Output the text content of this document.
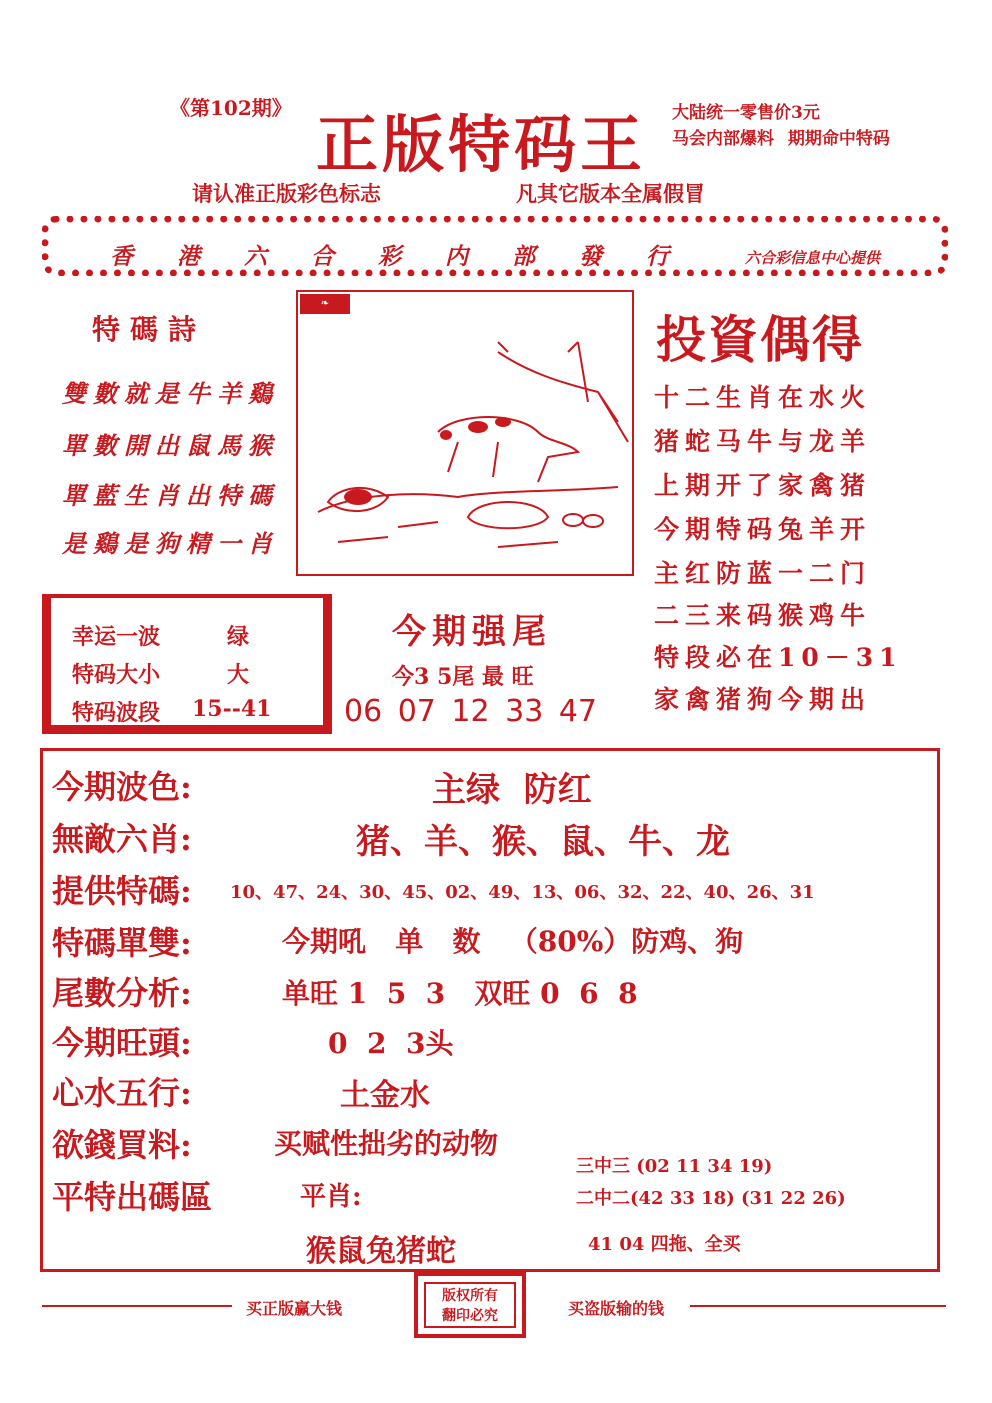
《第102期》 正版特码王 大陆统一零售价3元
马会内部爆料 期期命中特码
请认准正版彩色标志	凡其它版本全属假冒
香港六合彩内部發行 六合彩信息中心提供
特碼詩
雙數就是牛羊鷄
單數開出鼠馬猴
單藍生肖出特碼
是鷄是狗精一肖
❧
投資偶得
十二生肖在水火
猪蛇马牛与龙羊
上期开了家禽猪
今期特码兔羊开
主红防蓝一二门
二三来码猴鸡牛
特段必在10－31
家禽猪狗今期出
幸运一波	绿
特码大小	大
特码波段 15--41
今期强尾
今3 5尾 最 旺
06 07 12 33 47
今期波色:	主绿  防红
無敵六肖:	猪、羊、猴、鼠、牛、龙
提供特碼: 10、47、24、30、45、02、49、13、06、32、22、40、26、31
特碼單雙:	今期吼   单   数   （80%）防鸡、狗
尾數分析:	单旺 1  5  3   双旺 0  6  8
今期旺頭:	0  2  3头
心水五行:	土金水
欲錢買料:	买赋性拙劣的动物
平特出碼區	平肖:
猴鼠兔猪蛇
三中三 (02 11 34 19)
二中二(42 33 18) (31 22 26)
41 04 四拖、全买
买正版赢大钱
版权所有
翻印必究	买盗版输的钱
